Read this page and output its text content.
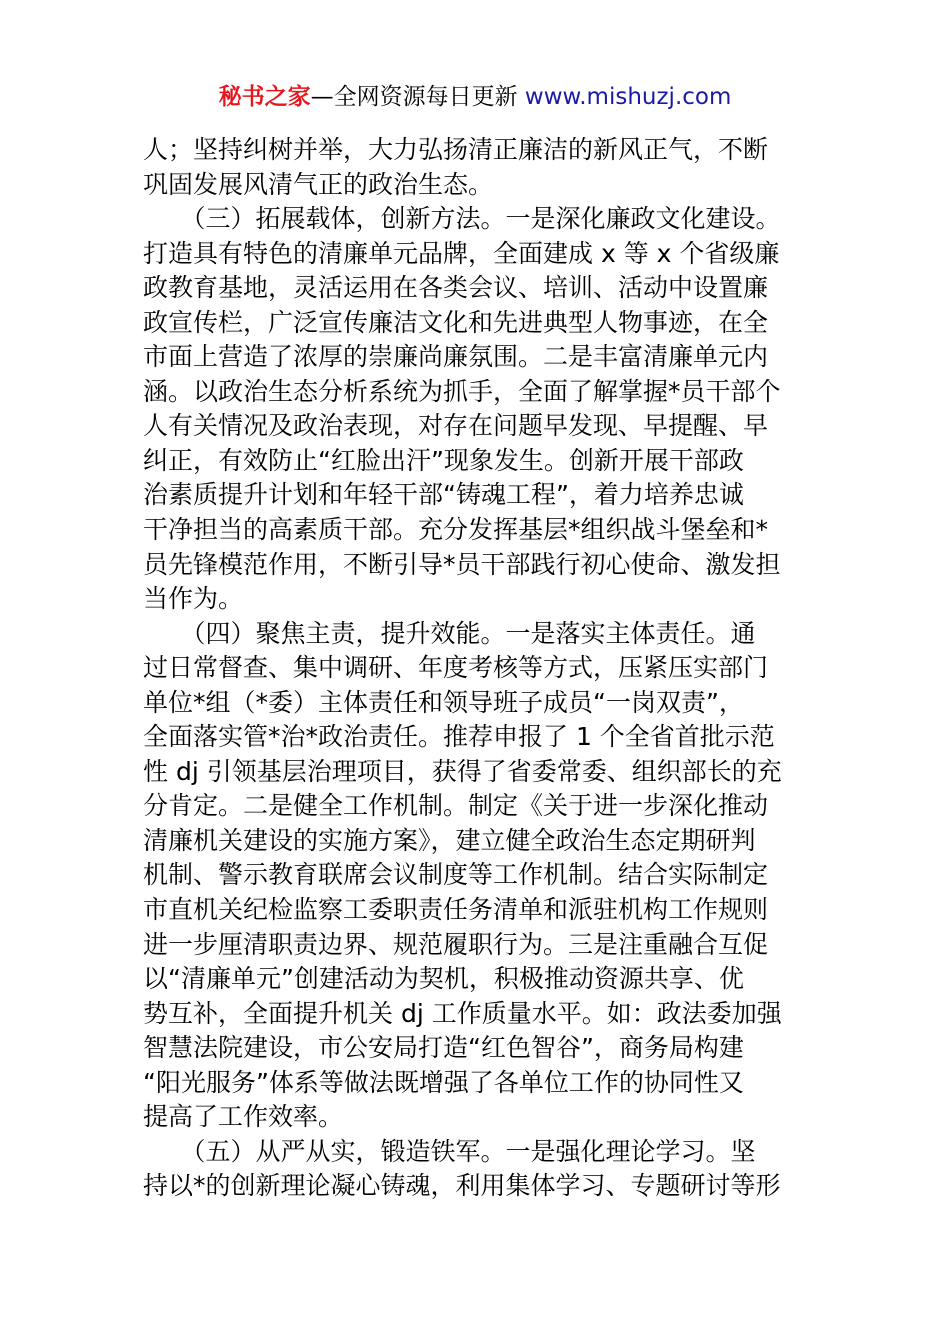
秘书之家—全网资源每日更新 www.mishuzj.com
人；坚持纠树并举，大力弘扬清正廉洁的新风正气，不断
巩固发展风清气正的政治生态。
　　（三）拓展载体，创新方法。一是深化廉政文化建设。
打造具有特色的清廉单元品牌，全面建成 x 等 x 个省级廉
政教育基地，灵活运用在各类会议、培训、活动中设置廉
政宣传栏，广泛宣传廉洁文化和先进典型人物事迹，在全
市面上营造了浓厚的崇廉尚廉氛围。二是丰富清廉单元内
涵。以政治生态分析系统为抓手，全面了解掌握*员干部个
人有关情况及政治表现，对存在问题早发现、早提醒、早
纠正，有效防止“红脸出汗”现象发生。创新开展干部政
治素质提升计划和年轻干部“铸魂工程”，着力培养忠诚
干净担当的高素质干部。充分发挥基层*组织战斗堡垒和*
员先锋模范作用，不断引导*员干部践行初心使命、激发担
当作为。
　　（四）聚焦主责，提升效能。一是落实主体责任。通
过日常督查、集中调研、年度考核等方式，压紧压实部门
单位*组（*委）主体责任和领导班子成员“一岗双责”，
全面落实管*治*政治责任。推荐申报了 1 个全省首批示范
性 dj 引领基层治理项目，获得了省委常委、组织部长的充
分肯定。二是健全工作机制。制定《关于进一步深化推动
清廉机关建设的实施方案》，建立健全政治生态定期研判
机制、警示教育联席会议制度等工作机制。结合实际制定
市直机关纪检监察工委职责任务清单和派驻机构工作规则
进一步厘清职责边界、规范履职行为。三是注重融合互促
以“清廉单元”创建活动为契机，积极推动资源共享、优
势互补，全面提升机关 dj 工作质量水平。如：政法委加强
智慧法院建设，市公安局打造“红色智谷”，商务局构建
“阳光服务”体系等做法既增强了各单位工作的协同性又
提高了工作效率。
　　（五）从严从实，锻造铁军。一是强化理论学习。坚
持以*的创新理论凝心铸魂，利用集体学习、专题研讨等形
